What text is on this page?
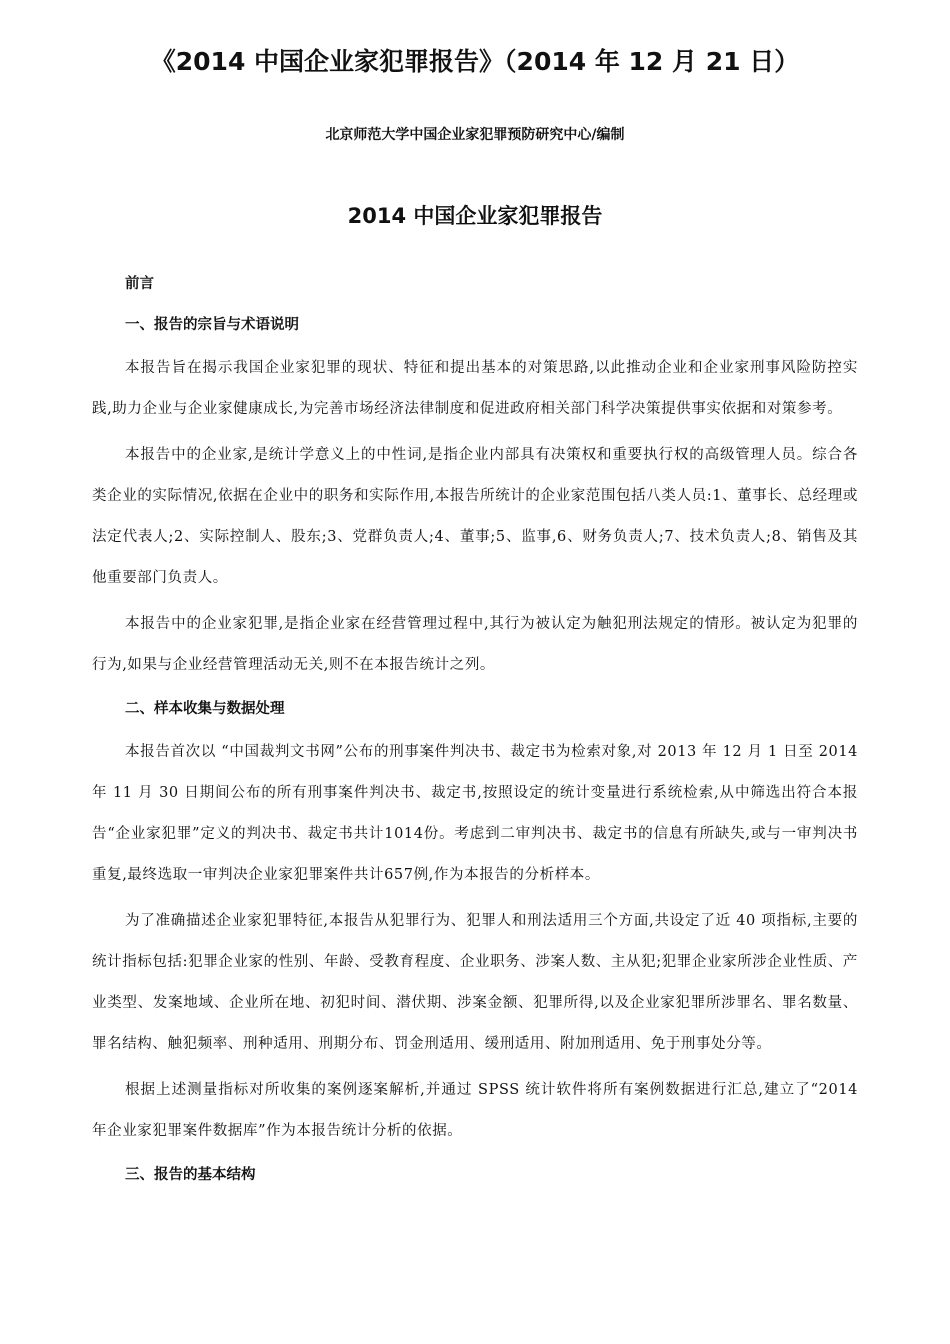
《2014 中国企业家犯罪报告》（2014 年 12 月 21 日）
北京师范大学中国企业家犯罪预防研究中心/编制
2014 中国企业家犯罪报告
前言
一、报告的宗旨与术语说明

本报告旨在揭示我国企业家犯罪的现状、特征和提出基本的对策思路,以此推动企业和企业家刑事风险防控实践,助力企业与企业家健康成长,为完善市场经济法律制度和促进政府相关部门科学决策提供事实依据和对策参考。

本报告中的企业家,是统计学意义上的中性词,是指企业内部具有决策权和重要执行权的高级管理人员。综合各类企业的实际情况,依据在企业中的职务和实际作用,本报告所统计的企业家范围包括八类人员:1、董事长、总经理或法定代表人;2、实际控制人、股东;3、党群负责人;4、董事;5、监事,6、财务负责人;7、技术负责人;8、销售及其他重要部门负责人。

本报告中的企业家犯罪,是指企业家在经营管理过程中,其行为被认定为触犯刑法规定的情形。被认定为犯罪的行为,如果与企业经营管理活动无关,则不在本报告统计之列。

二、样本收集与数据处理

本报告首次以 “中国裁判文书网”公布的刑事案件判决书、裁定书为检索对象,对 2013 年 12 月 1 日至 2014 年 11 月 30 日期间公布的所有刑事案件判决书、裁定书,按照设定的统计变量进行系统检索,从中筛选出符合本报告“企业家犯罪”定义的判决书、裁定书共计1014份。考虑到二审判决书、裁定书的信息有所缺失,或与一审判决书重复,最终选取一审判决企业家犯罪案件共计657例,作为本报告的分析样本。

为了准确描述企业家犯罪特征,本报告从犯罪行为、犯罪人和刑法适用三个方面,共设定了近 40 项指标,主要的统计指标包括:犯罪企业家的性别、年龄、受教育程度、企业职务、涉案人数、主从犯;犯罪企业家所涉企业性质、产业类型、发案地域、企业所在地、初犯时间、潜伏期、涉案金额、犯罪所得,以及企业家犯罪所涉罪名、罪名数量、罪名结构、触犯频率、刑种适用、刑期分布、罚金刑适用、缓刑适用、附加刑适用、免于刑事处分等。

根据上述测量指标对所收集的案例逐案解析,并通过 SPSS 统计软件将所有案例数据进行汇总,建立了“2014 年企业家犯罪案件数据库”作为本报告统计分析的依据。

三、报告的基本结构
